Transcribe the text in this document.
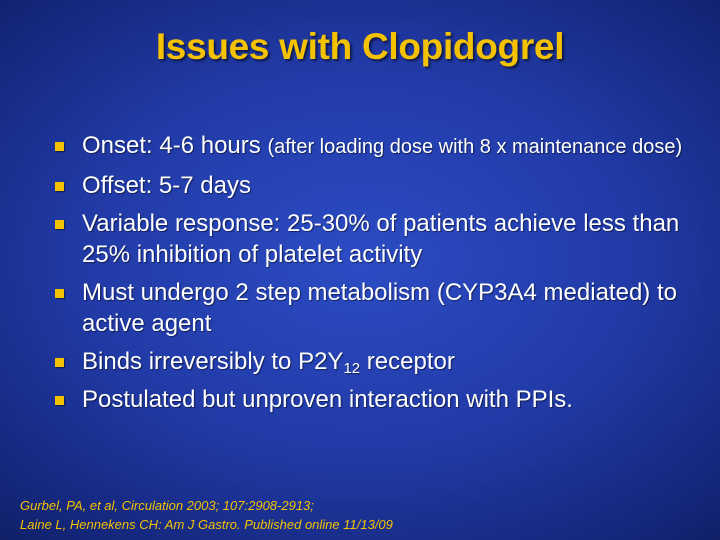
Issues with Clopidogrel
Onset: 4-6 hours (after loading dose with 8 x maintenance dose)
Offset: 5-7 days
Variable response: 25-30% of patients achieve less than 25% inhibition of platelet activity
Must undergo 2 step metabolism (CYP3A4 mediated) to active agent
Binds irreversibly to $P2Y_{12}$ receptor
Postulated but unproven interaction with PPIs.
Gurbel, PA, et al, Circulation 2003; 107:2908-2913;
Laine L, Hennekens CH: Am J Gastro. Published online 11/13/09
